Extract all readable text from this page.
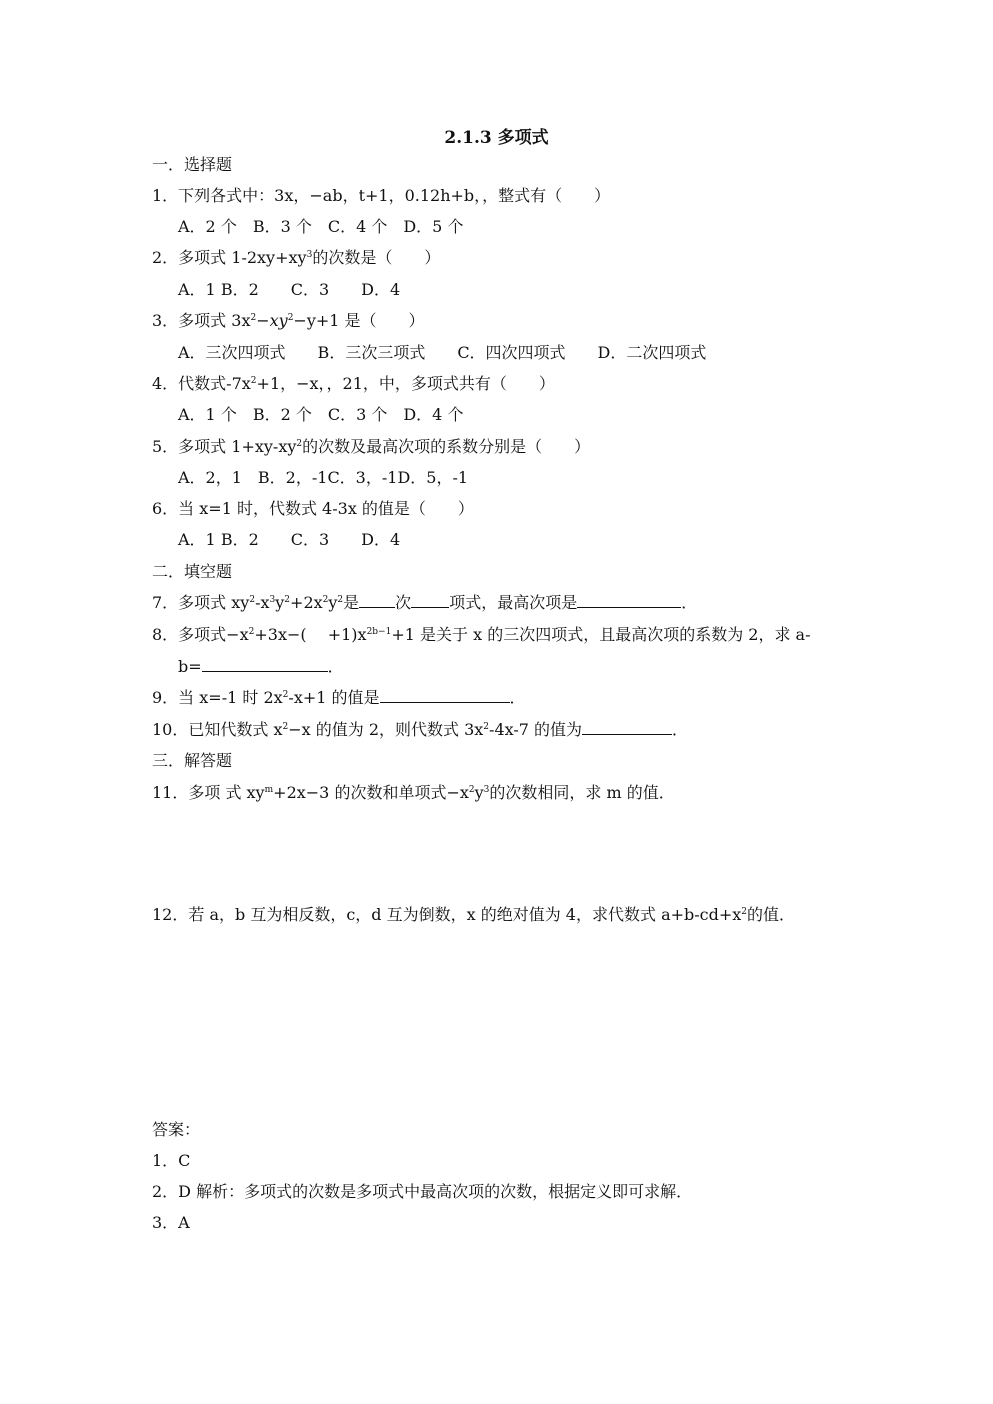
2.1.3 多项式
一．选择题
1．下列各式中：3x，−ab，t+1，0.12h+b，，整式有（　　）
A．2 个　B．3 个　C．4 个　D．5 个
2．多项式 $1-2xy+xy^3$的次数是（　　）
A．1 B．2　　C．3　　D．4
3．多项式 $3x^2-xy^2-y+1$ 是（　　）
A．三次四项式　　B．三次三项式　　C．四次四项式　　D．二次四项式
4．代数式$-7x^2+1$，−x，，21，中，多项式共有（　　）
A．1 个　B．2 个　C．3 个　D．4 个
5．多项式 $1+xy-xy^2$的次数及最高次项的系数分别是（　　）
A．2，1　B．2，-1C．3，-1D．5，-1
6．当 x=1 时，代数式 4-3x 的值是（　　）
A．1 B．2　　C．3　　D．4
二．填空题
7．多项式 $xy^2-x^3y^2+2x^2y^2$是 次 项式，最高次项是	．
8．多项式$-x^2+3x-$(　 $+1)x^{2b-1}+1$ 是关于 x 的三次四项式，且最高次项的系数为 2，求 a-
b=	．
9．当 x=-1 时 $2x^2-x+1$ 的值是	．
10．已知代数式 $x^2-x$ 的值为 2，则代数式 $3x^2-4x-7$ 的值为	．
三．解答题
11．多项 式 $xy^m+2x-3$ 的次数和单项式$-x^2y^3$的次数相同，求 m 的值．
12．若 a，b 互为相反数，c，d 互为倒数，x 的绝对值为 4，求代数式 $a+b-cd+x^2$的值．
答案：
1．C
2．D 解析：多项式的次数是多项式中最高次项的次数，根据定义即可求解．
3．A
